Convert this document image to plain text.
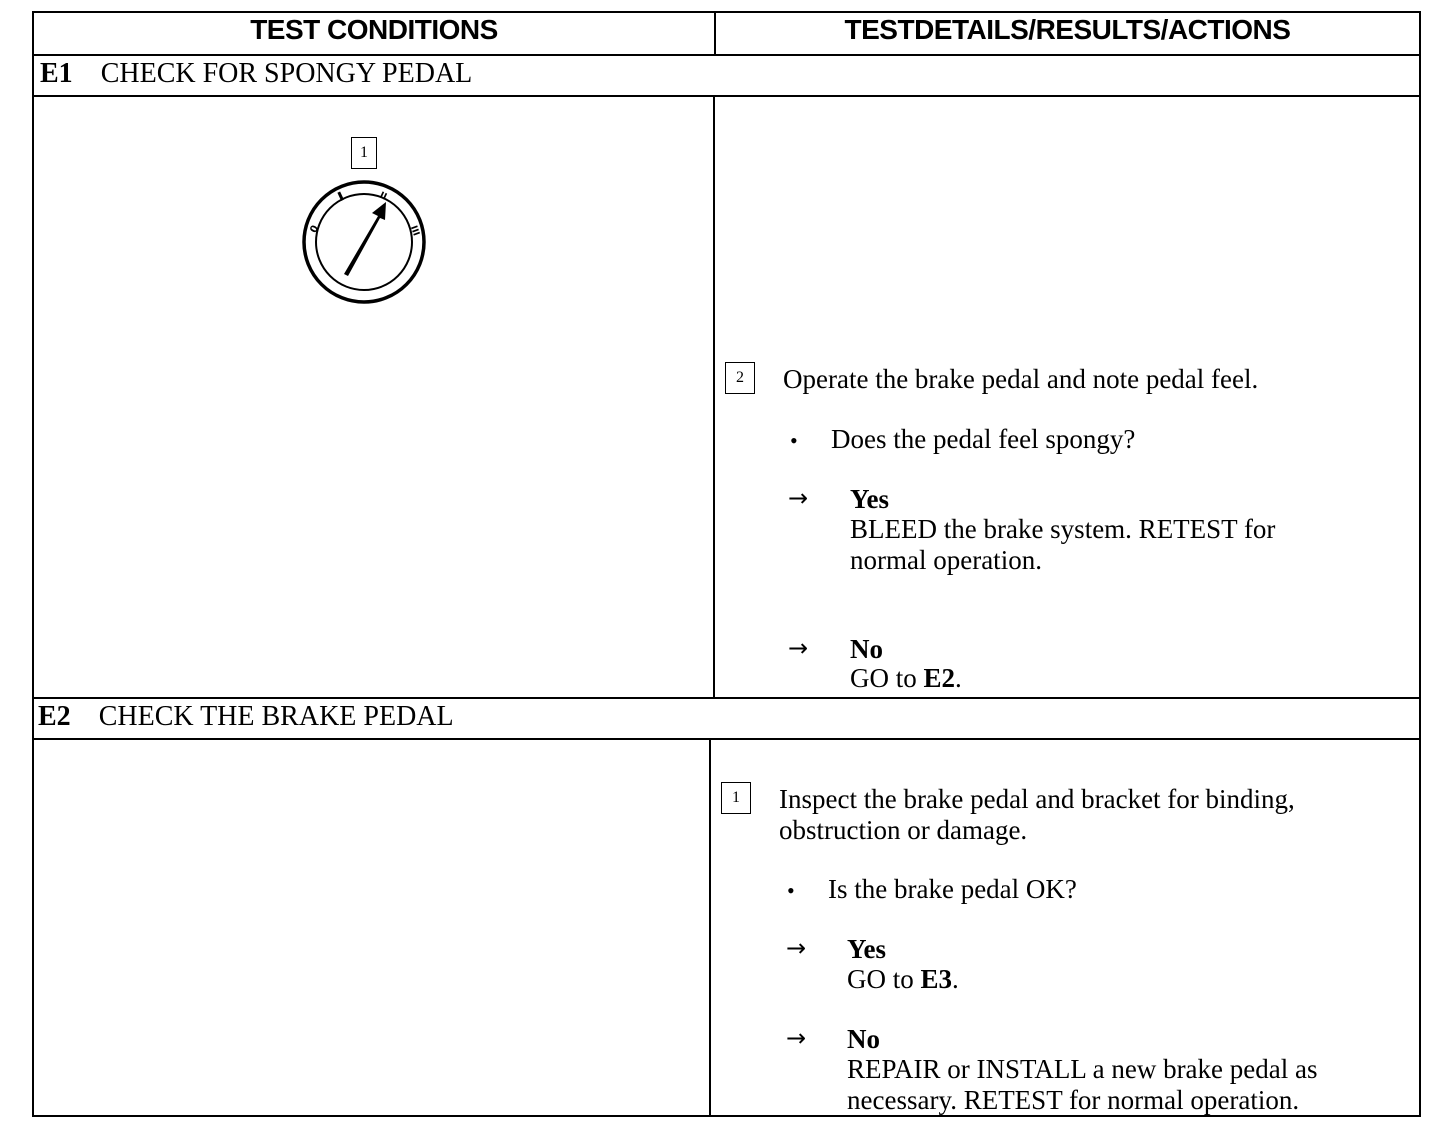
TEST CONDITIONS	TESTDETAILS/RESULTS/ACTIONS
E1 CHECK FOR SPONGY PEDAL
1
0
II
III
2	Operate the brake pedal and note pedal feel.
• Does the pedal feel spongy?
→ Yes
BLEED the brake system. RETEST for normal operation.
→ No
GO to E2.
E2 CHECK THE BRAKE PEDAL
1	Inspect the brake pedal and bracket for binding, obstruction or damage.
• Is the brake pedal OK?
→ Yes
GO to E3.
→ No
REPAIR or INSTALL a new brake pedal as necessary. RETEST for normal operation.
